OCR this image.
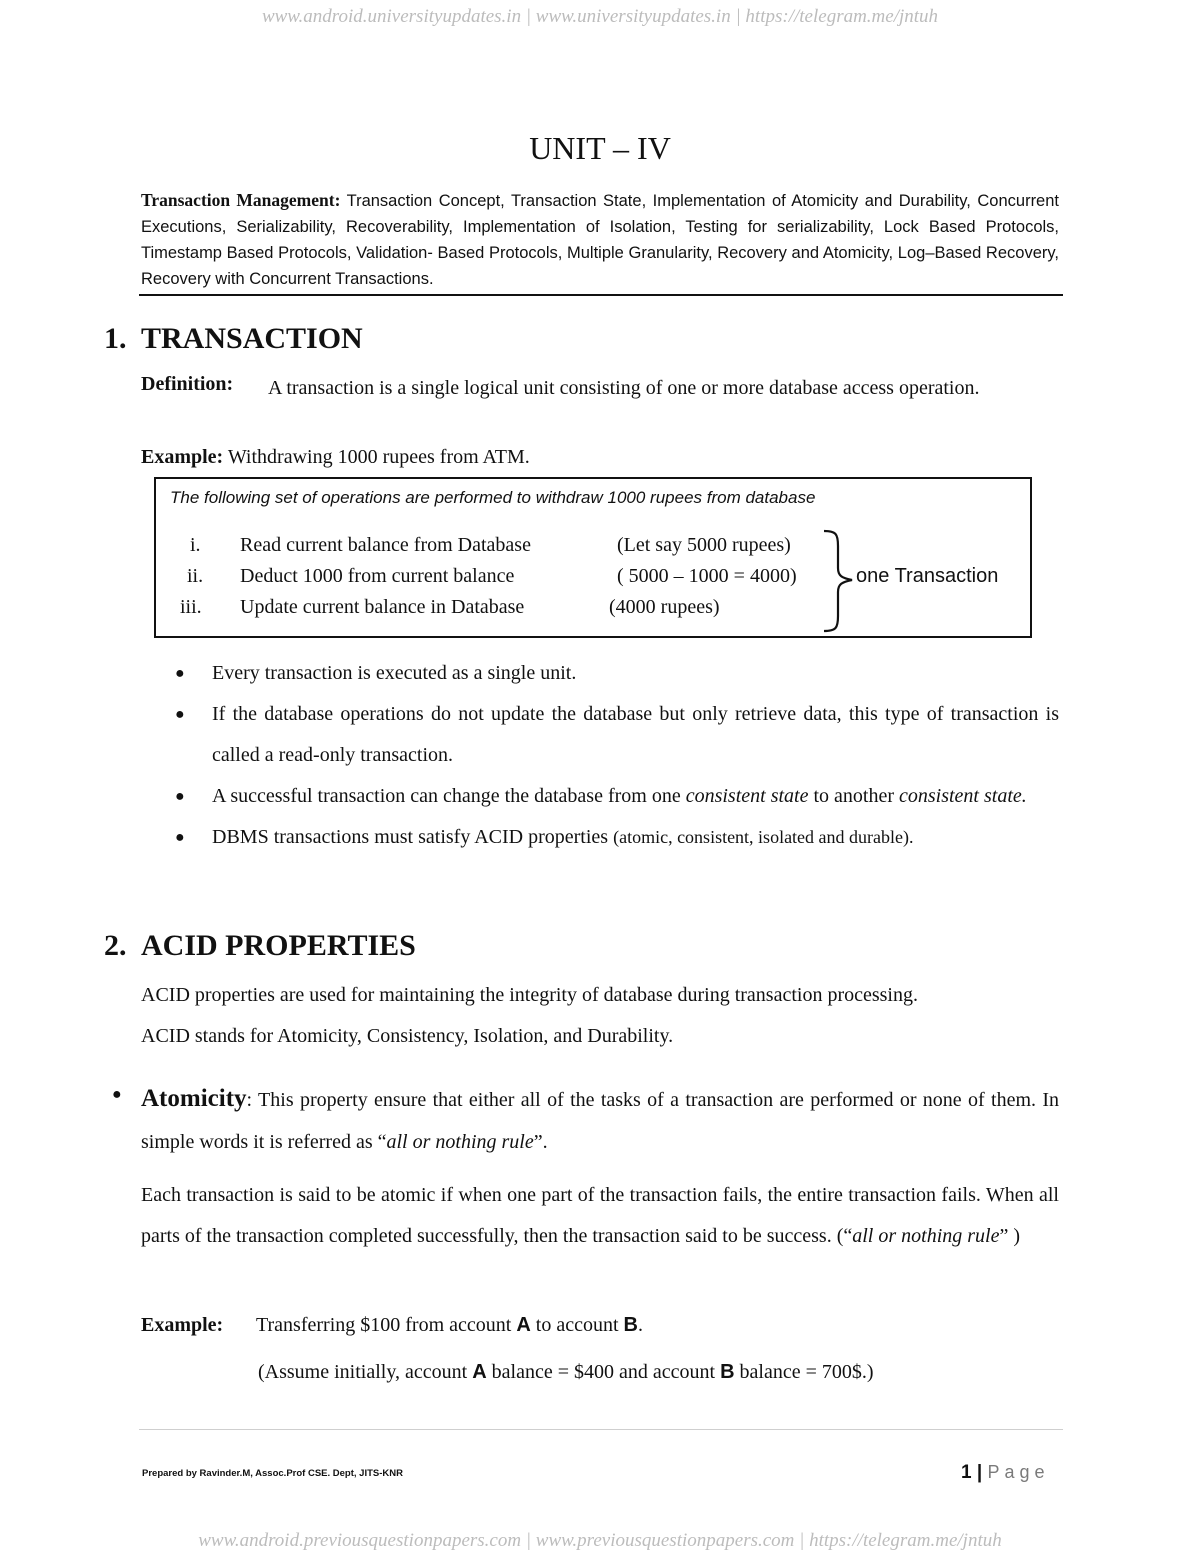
www.android.universityupdates.in | www.universityupdates.in | https://telegram.me/jntuh
UNIT – IV
Transaction Management: Transaction Concept, Transaction State, Implementation of Atomicity and Durability, Concurrent Executions, Serializability, Recoverability, Implementation of Isolation, Testing for serializability, Lock Based Protocols, Timestamp Based Protocols, Validation- Based Protocols, Multiple Granularity, Recovery and Atomicity, Log–Based Recovery, Recovery with Concurrent Transactions.
1. TRANSACTION
Definition: A transaction is a single logical unit consisting of one or more database access operation.
Example: Withdrawing 1000 rupees from ATM.
The following set of operations are performed to withdraw 1000 rupees from database
i. Read current balance from Database	(Let say 5000 rupees)
ii. Deduct 1000 from current balance	( 5000 – 1000 = 4000)
iii. Update current balance in Database	(4000 rupees)
one Transaction
● Every transaction is executed as a single unit.
● If the database operations do not update the database but only retrieve data, this type of transaction is called a read-only transaction.
● A successful transaction can change the database from one consistent state to another consistent state.
● DBMS transactions must satisfy ACID properties (atomic, consistent, isolated and durable).
2. ACID PROPERTIES
ACID properties are used for maintaining the integrity of database during transaction processing.
ACID stands for Atomicity, Consistency, Isolation, and Durability.
● Atomicity: This property ensure that either all of the tasks of a transaction are performed or none of them. In simple words it is referred as “all or nothing rule”.
Each transaction is said to be atomic if when one part of the transaction fails, the entire transaction fails. When all parts of the transaction completed successfully, then the transaction said to be success. (“all or nothing rule” )
Example: Transferring $100 from account A to account B.
(Assume initially, account A balance = $400 and account B balance = 700$.)
Prepared by Ravinder.M, Assoc.Prof CSE. Dept, JITS-KNR	1 | Page
www.android.previousquestionpapers.com | www.previousquestionpapers.com | https://telegram.me/jntuh
